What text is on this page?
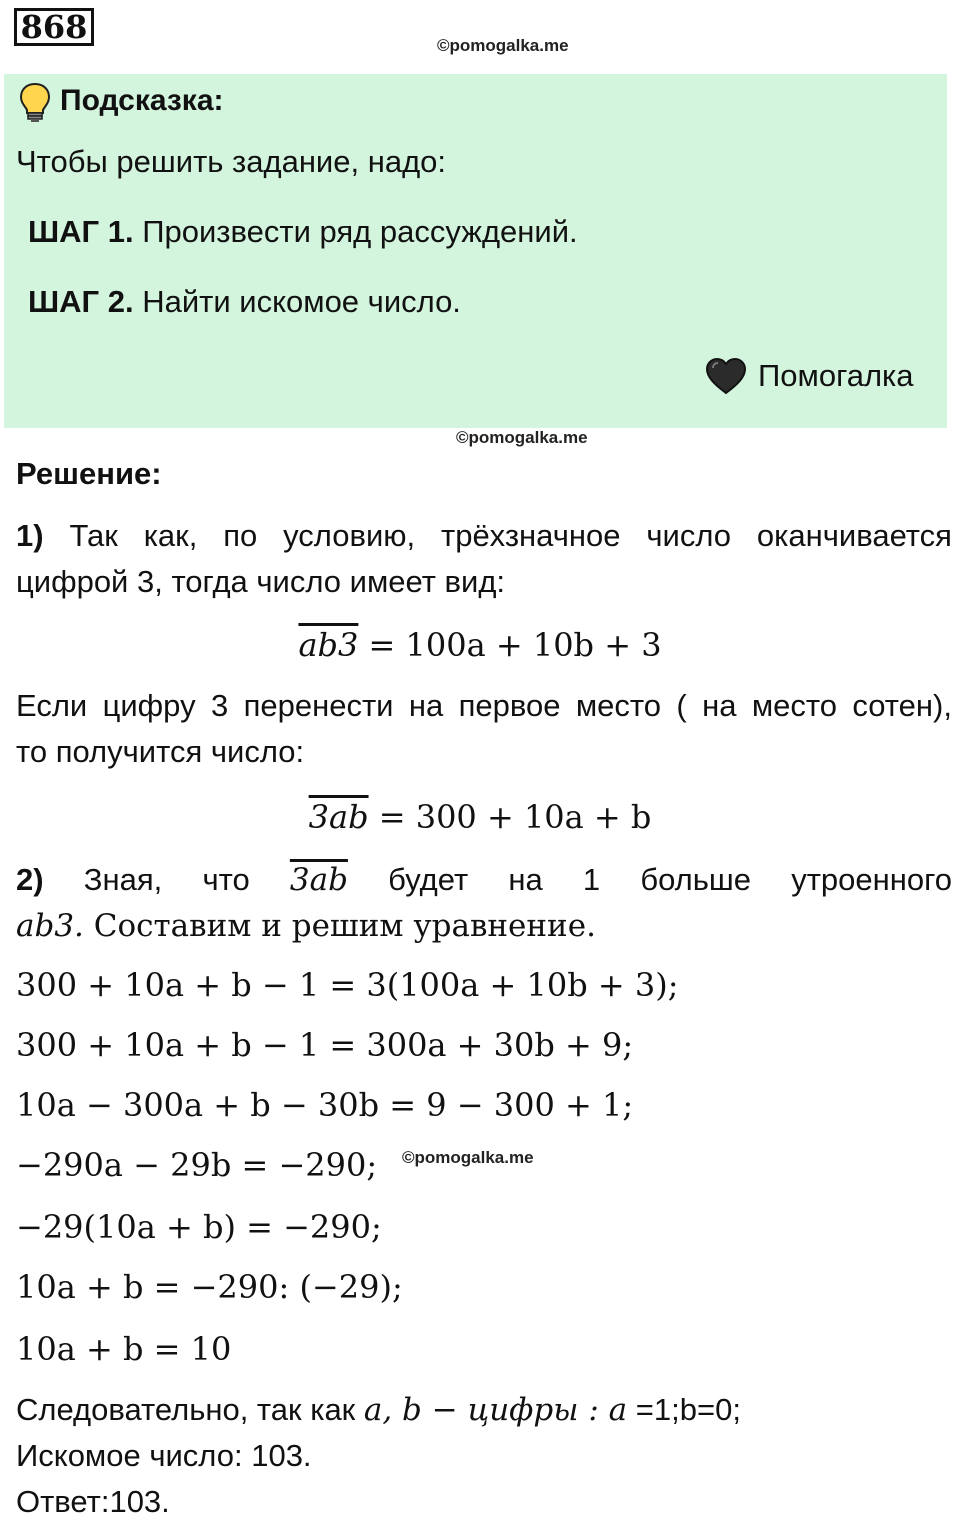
868	©pomogalka.me
Подсказка:
Чтобы решить задание, надо:
ШАГ 1. Произвести ряд рассуждений.
ШАГ 2. Найти искомое число.
Помогалка
©pomogalka.me
Решение:
1) Так как, по условию, трёхзначное число оканчивается
цифрой 3, тогда число имеет вид:
ab3 = 100a + 10b + 3
Если цифру 3 перенести на первое место ( на место сотен),
то получится число:
3ab = 300 + 10a + b
2) Зная, что 3ab будет на 1 больше утроенного
ab3. Составим и решим уравнение.
300 + 10a + b − 1 = 3(100a + 10b + 3);
300 + 10a + b − 1 = 300a + 30b + 9;
10a − 300a + b − 30b = 9 − 300 + 1;
−290a − 29b = −290; ©pomogalka.me
−29(10a + b) = −290;
10a + b = −290: (−29);
10a + b = 10
Следовательно, так как a, b − цифры : a =1;b=0;
Искомое число: 103.
Ответ:103.
